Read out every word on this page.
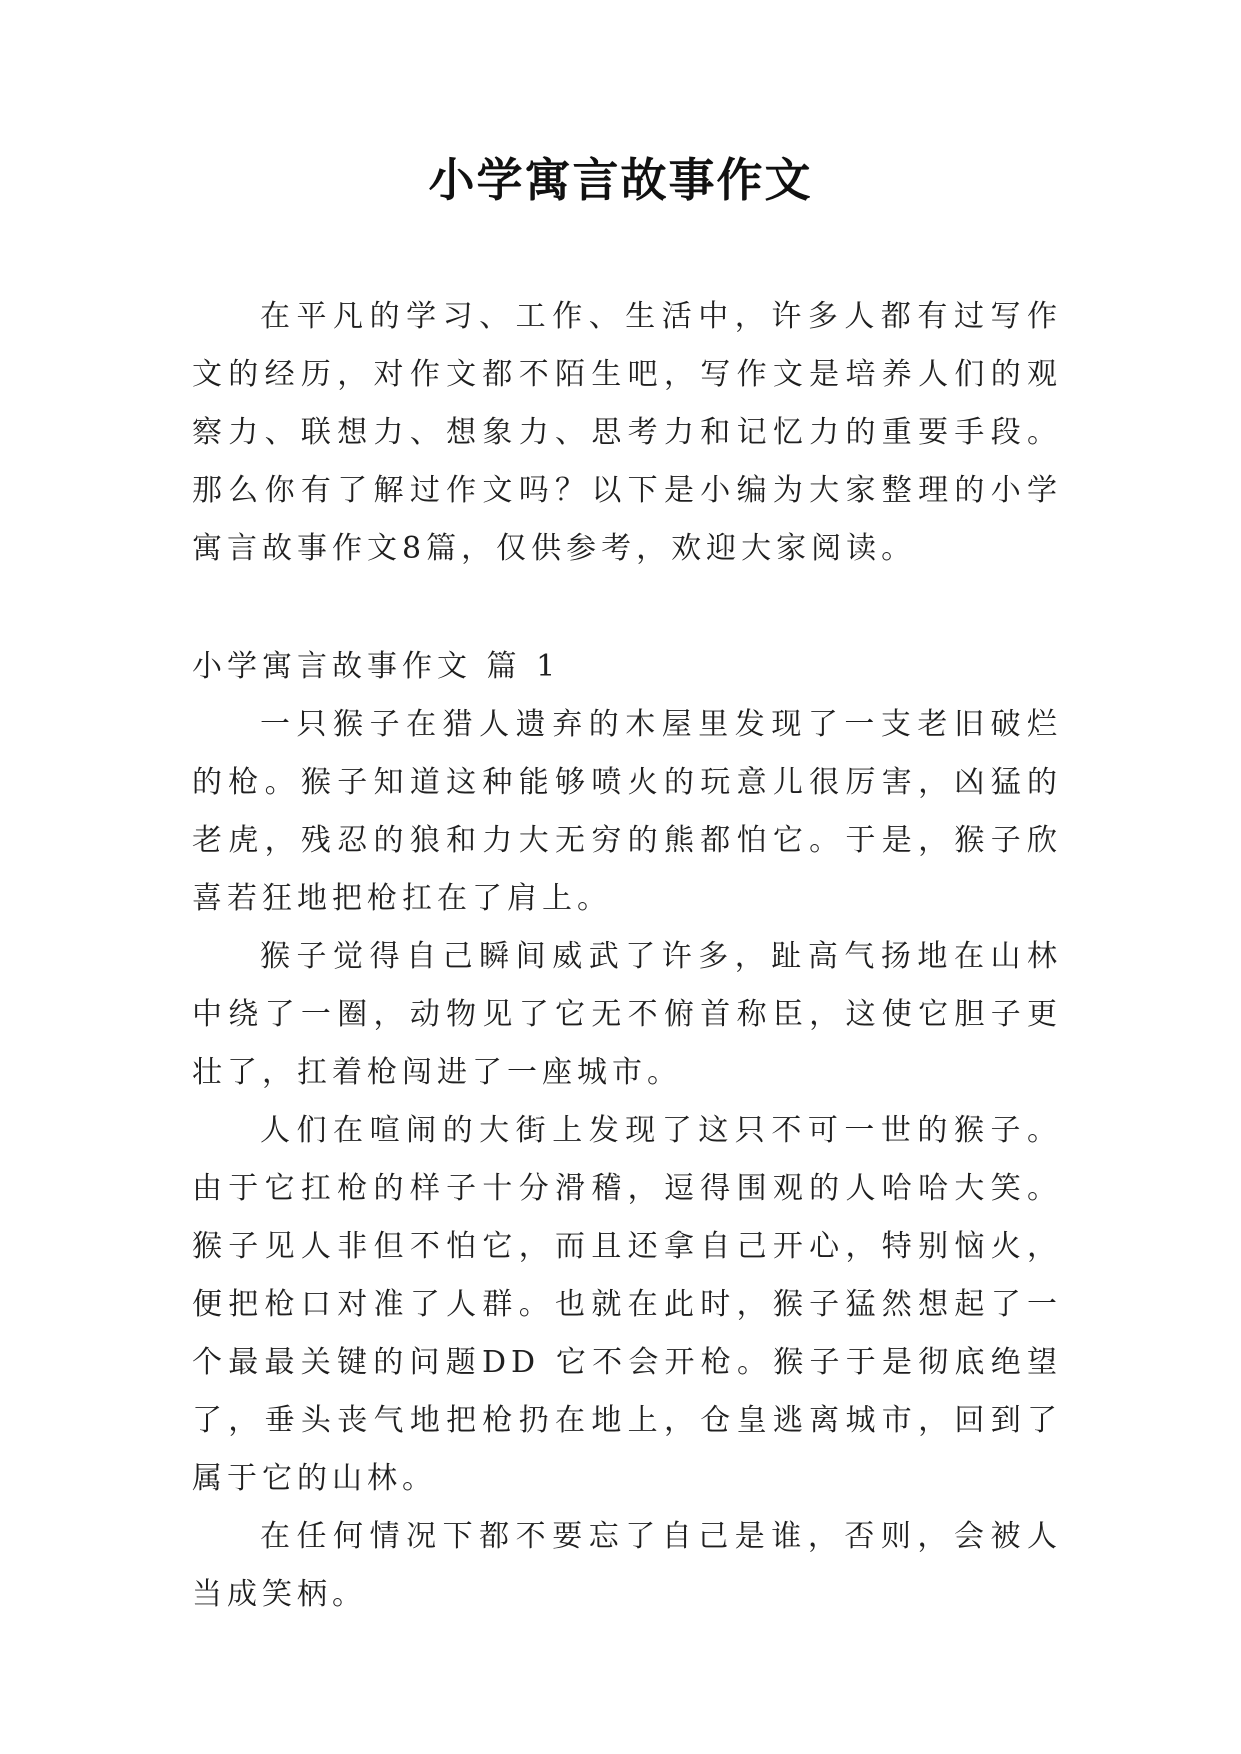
小学寓言故事作文

在平凡的学习、工作、生活中，许多人都有过写作文的经历，对作文都不陌生吧，写作文是培养人们的观察力、联想力、想象力、思考力和记忆力的重要手段。那么你有了解过作文吗？以下是小编为大家整理的小学寓言故事作文8篇，仅供参考，欢迎大家阅读。

小学寓言故事作文 篇 1

一只猴子在猎人遗弃的木屋里发现了一支老旧破烂的枪。猴子知道这种能够喷火的玩意儿很厉害，凶猛的老虎，残忍的狼和力大无穷的熊都怕它。于是，猴子欣喜若狂地把枪扛在了肩上。

猴子觉得自己瞬间威武了许多，趾高气扬地在山林中绕了一圈，动物见了它无不俯首称臣，这使它胆子更壮了，扛着枪闯进了一座城市。

人们在喧闹的大街上发现了这只不可一世的猴子。由于它扛枪的样子十分滑稽，逗得围观的人哈哈大笑。猴子见人非但不怕它，而且还拿自己开心，特别恼火，便把枪口对准了人群。也就在此时，猴子猛然想起了一个最最关键的问题DD 它不会开枪。猴子于是彻底绝望了，垂头丧气地把枪扔在地上，仓皇逃离城市，回到了属于它的山林。

在任何情况下都不要忘了自己是谁，否则，会被人当成笑柄。
